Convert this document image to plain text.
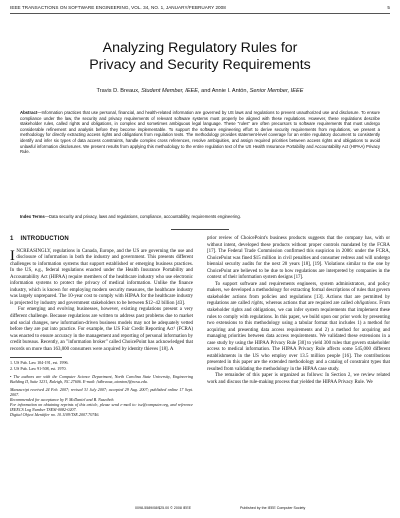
IEEE TRANSACTIONS ON SOFTWARE ENGINEERING, VOL. 34, NO. 1, JANUARY/FEBRUARY 2008	5
Analyzing Regulatory Rules for
Privacy and Security Requirements
Travis D. Breaux, Student Member, IEEE, and Annie I. Antón, Senior Member, IEEE
Abstract—Information practices that use personal, financial, and health-related information are governed by US laws and regulations to prevent unauthorized use and disclosure. To ensure compliance under the law, the security and privacy requirements of relevant software systems must properly be aligned with these regulations. However, these regulations describe stakeholder rules, called rights and obligations, in complex and sometimes ambiguous legal language. These "rules" are often precursors to software requirements that must undergo considerable refinement and analysis before they become implementable. To support the software engineering effort to derive security requirements from regulations, we present a methodology for directly extracting access rights and obligations from regulation texts. The methodology provides statement-level coverage for an entire regulatory document to consistently identify and infer six types of data access constraints, handle complex cross references, resolve ambiguities, and assign required priorities between access rights and obligations to avoid unlawful information disclosures. We present results from applying this methodology to the entire regulation text of the US Health Insurance Portability and Accountability Act (HIPAA) Privacy Rule.
Index Terms—Data security and privacy, laws and regulations, compliance, accountability, requirements engineering.
1 INTRODUCTION

INCREASINGLY, regulations in Canada, Europe, and the US are governing the use and disclosure of information in both the industry and government. This presents different challenges to information systems that support established or emerging business practices. In the US, e.g., federal regulations enacted under the Health Insurance Portability and Accountability Act (HIPAA) require members of the healthcare industry who use electronic information systems to protect the privacy of medical information. Unlike the finance industry, which is known for employing modern security measures, the healthcare industry was largely unprepared. The 10-year cost to comply with HIPAA for the healthcare industry is projected by industry and government stakeholders to be between $12–42 billion [43].

For emerging and evolving businesses, however, existing regulations present a very different challenge. Because regulations are written to address past problems due to market and social changes, new information-driven business models may not be adequately vetted before they are put into practice. For example, the US Fair Credit Reporting Act¹ (FCRA) was enacted to ensure accuracy in the management and reporting of personal information by credit bureaus. Recently, an "information broker" called ChoicePoint has acknowledged that records on more than 163,000 consumers were acquired by identity thieves [18]. A

1. US Pub. Law 104-191, est. 1996.
2. US Pub. Law 91-508, est. 1970.
• The authors are with the Computer Science Department, North Carolina State University, Engineering Building II, Suite 3231, Raleigh, NC 27606. E-mail: {tdbreaux, aianton}@ncsu.edu.
Manuscript received 24 Feb. 2007; revised 31 July 2007; accepted 29 Aug. 2007; published online 17 Sept. 2007.
Recommended for acceptance by P. McDaniel and B. Nuseibeh.
For information on obtaining reprints of this article, please send e-mail to: tse@computer.org, and reference IEEECS Log Number TSESI-0082-0207.
Digital Object Identifier no. 10.1109/TSE.2007.70746.

prior review of ChoicePoint's business products suggests that the company has, with or without intent, developed these products without proper controls mandated by the FCRA [17]. The Federal Trade Commission confirmed this suspicion in 2006: under the FCRA, ChoicePoint was fined $15 million in civil penalties and consumer redress and will undergo biennial security audits for the next 20 years [18], [19]. Violations similar to the one by ChoicePoint are believed to be due to how regulations are interpreted by companies in the context of their information system designs [17].

To support software and requirements engineers, system administrators, and policy makers, we developed a methodology for extracting formal descriptions of rules that govern stakeholder actions from policies and regulations [13]. Actions that are permitted by regulations are called rights, whereas actions that are required are called obligations. From stakeholder rights and obligations, we can infer system requirements that implement these rules to comply with regulations. In this paper, we build upon our prior work by presenting two extensions to this methodology using a tabular format that includes 1) a method for acquiring and presenting data access requirements and 2) a method for acquiring and managing priorities between data access requirements. We validated these extensions in a case study by using the HIPAA Privacy Rule [30] to yield 300 rules that govern stakeholder access to medical information. The HIPAA Privacy Rule affects some 545,000 different establishments in the US who employ over 13.5 million people [16]. The contributions presented in this paper are the extended methodology and a catalog of constraint types that resulted from validating the methodology in the HIPAA case study.

The remainder of this paper is organized as follows: In Section 2, we review related work and discuss the rule-making process that yielded the HIPAA Privacy Rule. We

0098-5589/08/$25.00 © 2008 IEEE	Published by the IEEE Computer Society
